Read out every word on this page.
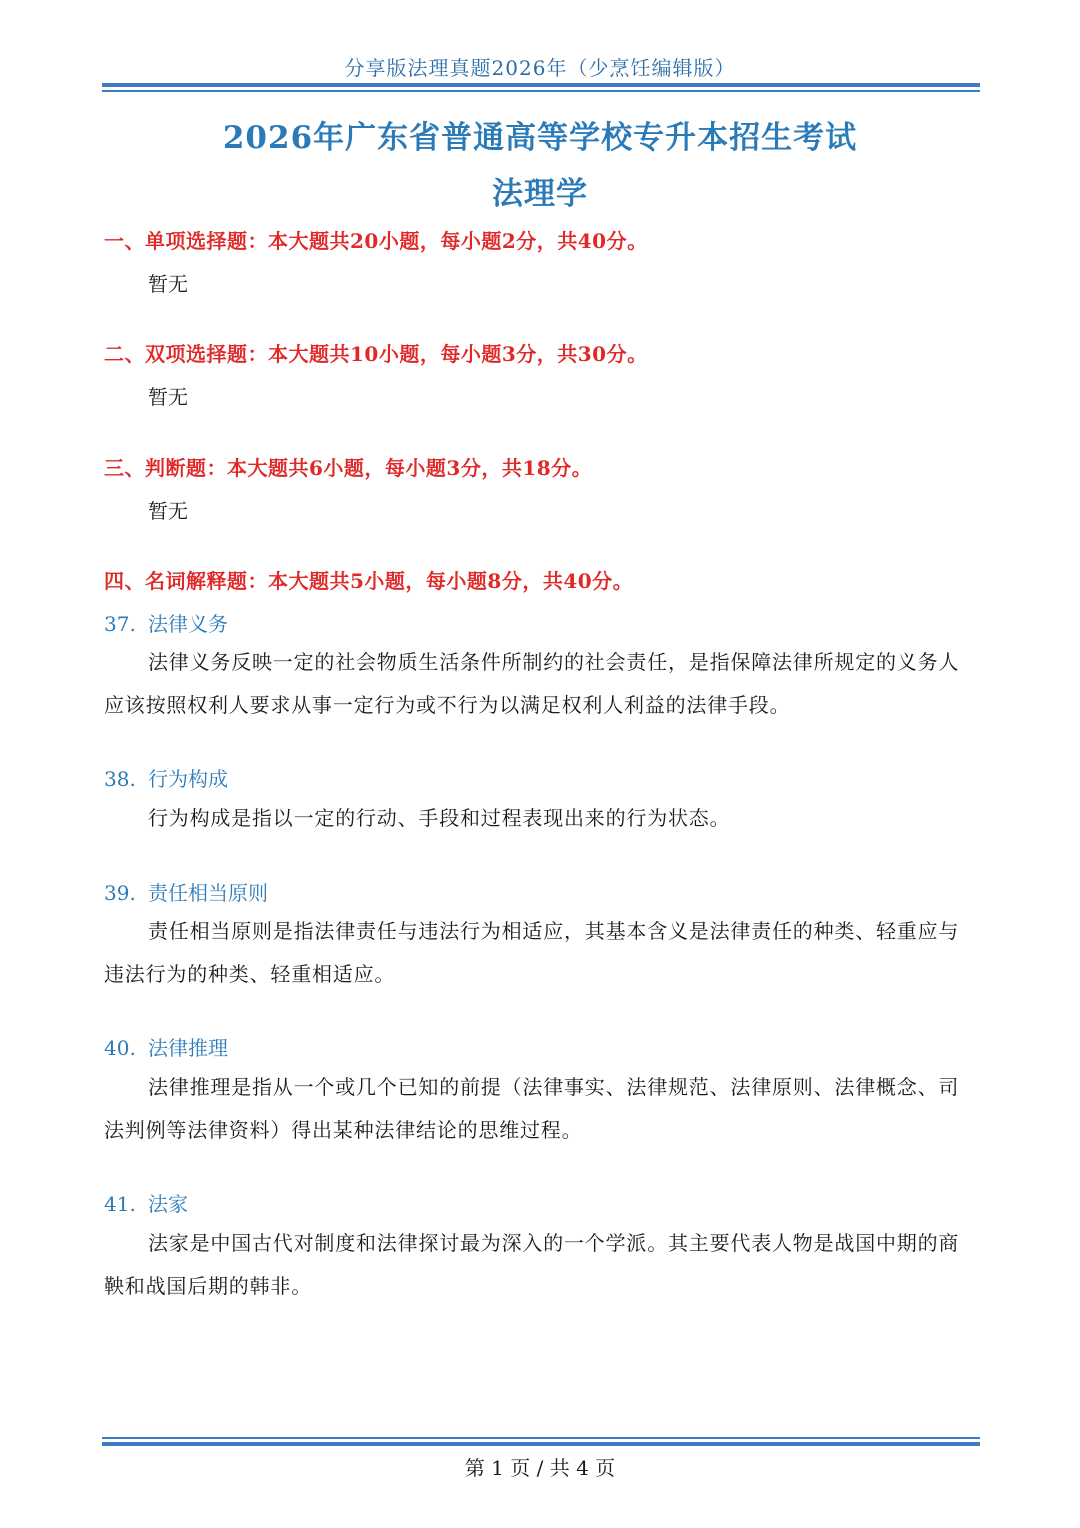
分享版法理真题2026年（少烹饪编辑版）
2026年广东省普通高等学校专升本招生考试
法理学
一、单项选择题：本大题共20小题，每小题2分，共40分。
暂无
二、双项选择题：本大题共10小题，每小题3分，共30分。
暂无
三、判断题：本大题共6小题，每小题3分，共18分。
暂无
四、名词解释题：本大题共5小题，每小题8分，共40分。
37. 法律义务
法律义务反映一定的社会物质生活条件所制约的社会责任，是指保障法律所规定的义务人应该按照权利人要求从事一定行为或不行为以满足权利人利益的法律手段。
38. 行为构成
行为构成是指以一定的行动、手段和过程表现出来的行为状态。
39. 责任相当原则
责任相当原则是指法律责任与违法行为相适应，其基本含义是法律责任的种类、轻重应与违法行为的种类、轻重相适应。
40. 法律推理
法律推理是指从一个或几个已知的前提（法律事实、法律规范、法律原则、法律概念、司法判例等法律资料）得出某种法律结论的思维过程。
41. 法家
法家是中国古代对制度和法律探讨最为深入的一个学派。其主要代表人物是战国中期的商鞅和战国后期的韩非。
第 1 页 / 共 4 页
